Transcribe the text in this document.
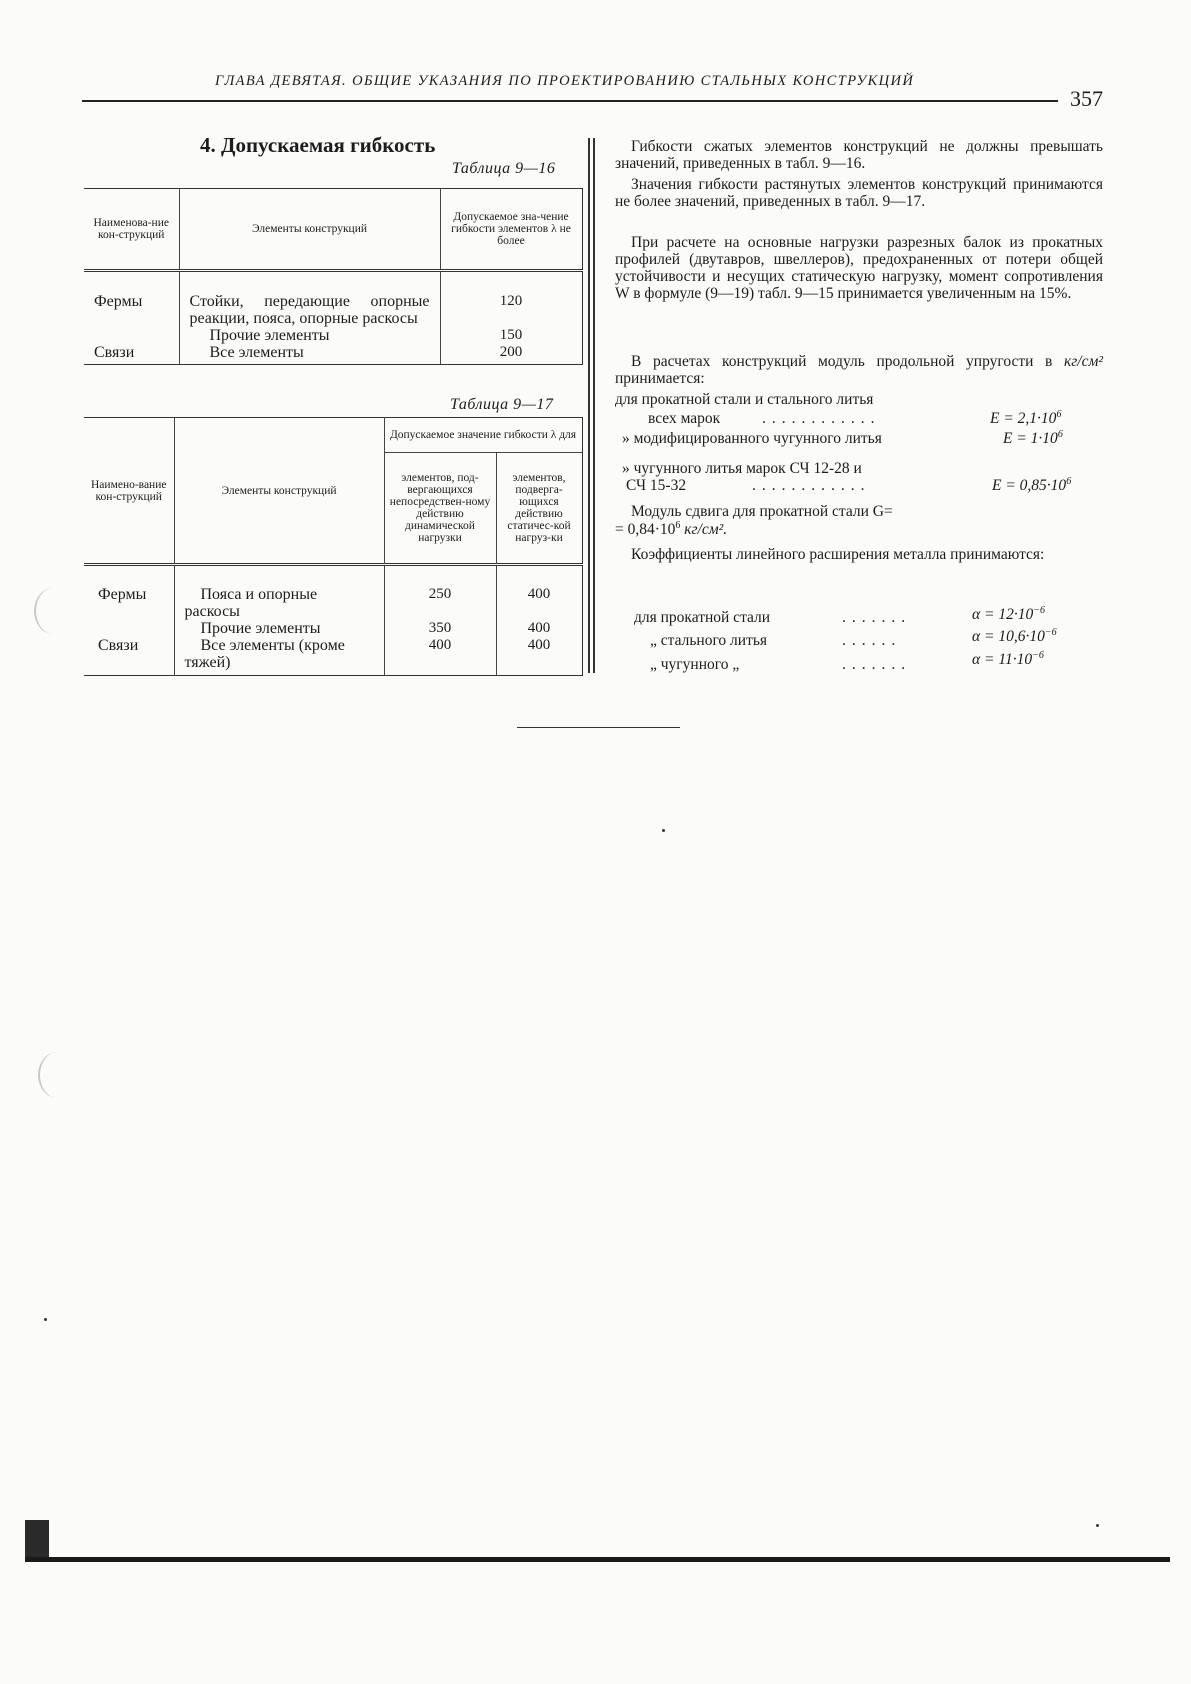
ГЛАВА ДЕВЯТАЯ. ОБЩИЕ УКАЗАНИЯ ПО ПРОЕКТИРОВАНИЮ СТАЛЬНЫХ КОНСТРУКЦИЙ
357
4. Допускаемая гибкость
Таблица 9—16
Наименова-ние кон-струкций	Элементы конструкций	Допускаемое зна-чение гибкости элементов λ не более
Фермы	Стойки, передающие опорные реакции, пояса, опорные раскосы	120
	Прочие элементы	150
Связи	Все элементы	200
Таблица 9—17
Наимено-вание кон-струкций	Элементы конструкций	Допускаемое значение гибкости λ для	
		элементов, под-вергающихся непосредствен-ному действию динамической нагрузки	элементов, подверга-ющихся действию статичес-кой нагруз-ки
Фермы	Пояса и опорные раскосы	250	400
	Прочие элементы	350	400
Связи	Все элементы (кроме тяжей)	400	400
Гибкости сжатых элементов конструкций не должны превышать значений, приведенных в табл. 9—16.
Значения гибкости растянутых элементов конструкций принимаются не более значений, приведенных в табл. 9—17.
При расчете на основные нагрузки разрезных балок из прокатных профилей (двутавров, швеллеров), предохраненных от потери общей устойчивости и несущих статическую нагрузку, момент сопротивления W в формуле (9—19) табл. 9—15 принимается увеличенным на 15%.
В расчетах конструкций модуль продольной упругости в кг/см² принимается:
для прокатной стали и стального литья
всех марок	............	$E = 2,1\cdot 10^6$
» модифицированного чугунного литья	$E = 1\cdot 10^6$
» чугунного литья марок СЧ 12-28 и
СЧ 15-32	............	$E = 0,85\cdot 10^6$
Модуль сдвига для прокатной стали G=
= $0,84\cdot 10^6$ кг/см².
Коэффициенты линейного расширения металла принимаются:
для прокатной стали	.......	$\alpha = 12\cdot 10^{-6}$
„ стального литья	......	$\alpha = 10,6\cdot 10^{-6}$
„ чугунного „	.......	$\alpha = 11\cdot 10^{-6}$
